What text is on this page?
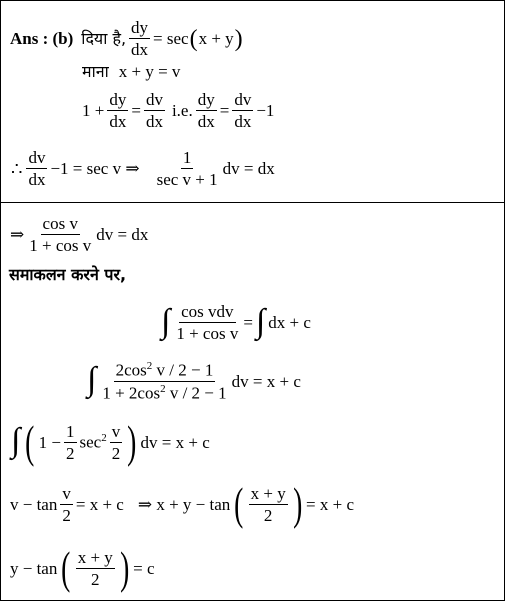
Ans : (b) दिया है, $\frac{dy}{dx} = \sec$ ( x + y )
माना x + y = v
$1 + \frac{dy}{dx} = \frac{dv}{dx} i.e$. $\frac{dy}{dx} = \frac{dv}{dx} -1$
∴ $\frac{dv}{dx} -1 = \sec v$ ⇒ $\frac{1}{\text{sec v + 1}}$ dv = dx
⇒ $\frac{\text{cos v}}{\text{1 + cos v}}$ dv = dx
समाकलन करने पर,
∫ $\frac{\text{cos vdv}}{\text{1 + cos v}}$ = ∫ dx + c
∫ $\frac{2\cos^2 v / 2 - 1}{1 + 2\cos^2 v / 2 - 1}$ dv = x + c
∫ ( $1 - \frac{1}{2} \sec^2 \frac{v}{2}$ ) dv = x + c
$v - \tan \frac{v}{2} = x + c$ ⇒ x + y − tan ( $\frac{x + y}{2}$ ) = x + c
y − tan ( $\frac{x + y}{2}$ ) = c
